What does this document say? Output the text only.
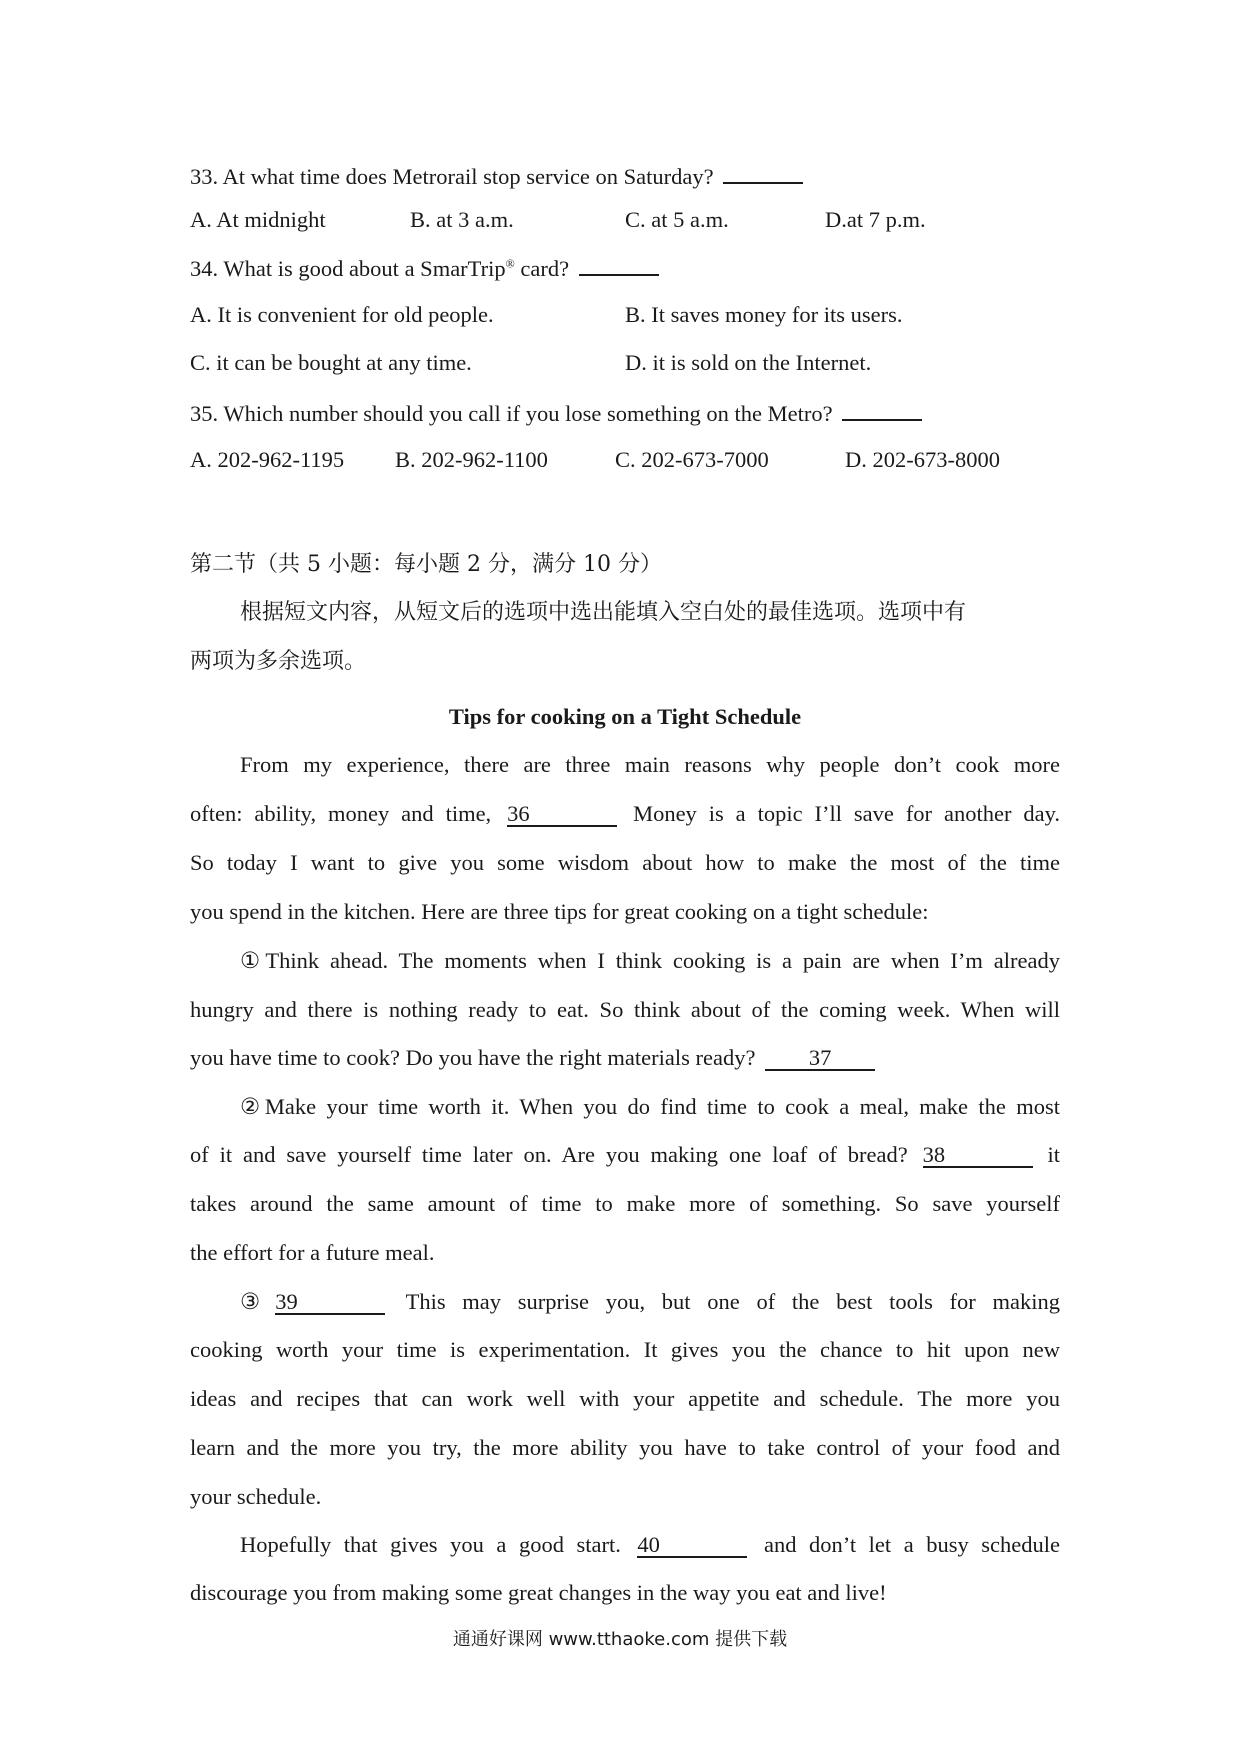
33. At what time does Metrorail stop service on Saturday?
A. At midnight	B. at 3 a.m.	C. at 5 a.m.	D.at 7 p.m.
34. What is good about a SmarTrip® card?
A. It is convenient for old people.	B. It saves money for its users.
C. it can be bought at any time.	D. it is sold on the Internet.
35. Which number should you call if you lose something on the Metro?
A. 202-962-1195 B. 202-962-1100	C. 202-673-7000	D. 202-673-8000
第二节（共 5 小题：每小题 2 分，满分 10 分）
根据短文内容，从短文后的选项中选出能填入空白处的最佳选项。选项中有
两项为多余选项。
Tips for cooking on a Tight Schedule
From my experience, there are three main reasons why people don’t cook more
often: ability, money and time, 36	Money is a topic I’ll save for another day.
So today I want to give you some wisdom about how to make the most of the time
you spend in the kitchen. Here are three tips for great cooking on a tight schedule:
①Think ahead. The moments when I think cooking is a pain are when I’m already
hungry and there is nothing ready to eat. So think about of the coming week. When will
you have time to cook? Do you have the right materials ready? 37
②Make your time worth it. When you do find time to cook a meal, make the most
of it and save yourself time later on. Are you making one loaf of bread? 38	it
takes around the same amount of time to make more of something. So save yourself
the effort for a future meal.
③ 39	This may surprise you, but one of the best tools for making
cooking worth your time is experimentation. It gives you the chance to hit upon new
ideas and recipes that can work well with your appetite and schedule. The more you
learn and the more you try, the more ability you have to take control of your food and
your schedule.
Hopefully that gives you a good start. 40	and don’t let a busy schedule
discourage you from making some great changes in the way you eat and live!
通通好课网 www.tthaoke.com 提供下载
